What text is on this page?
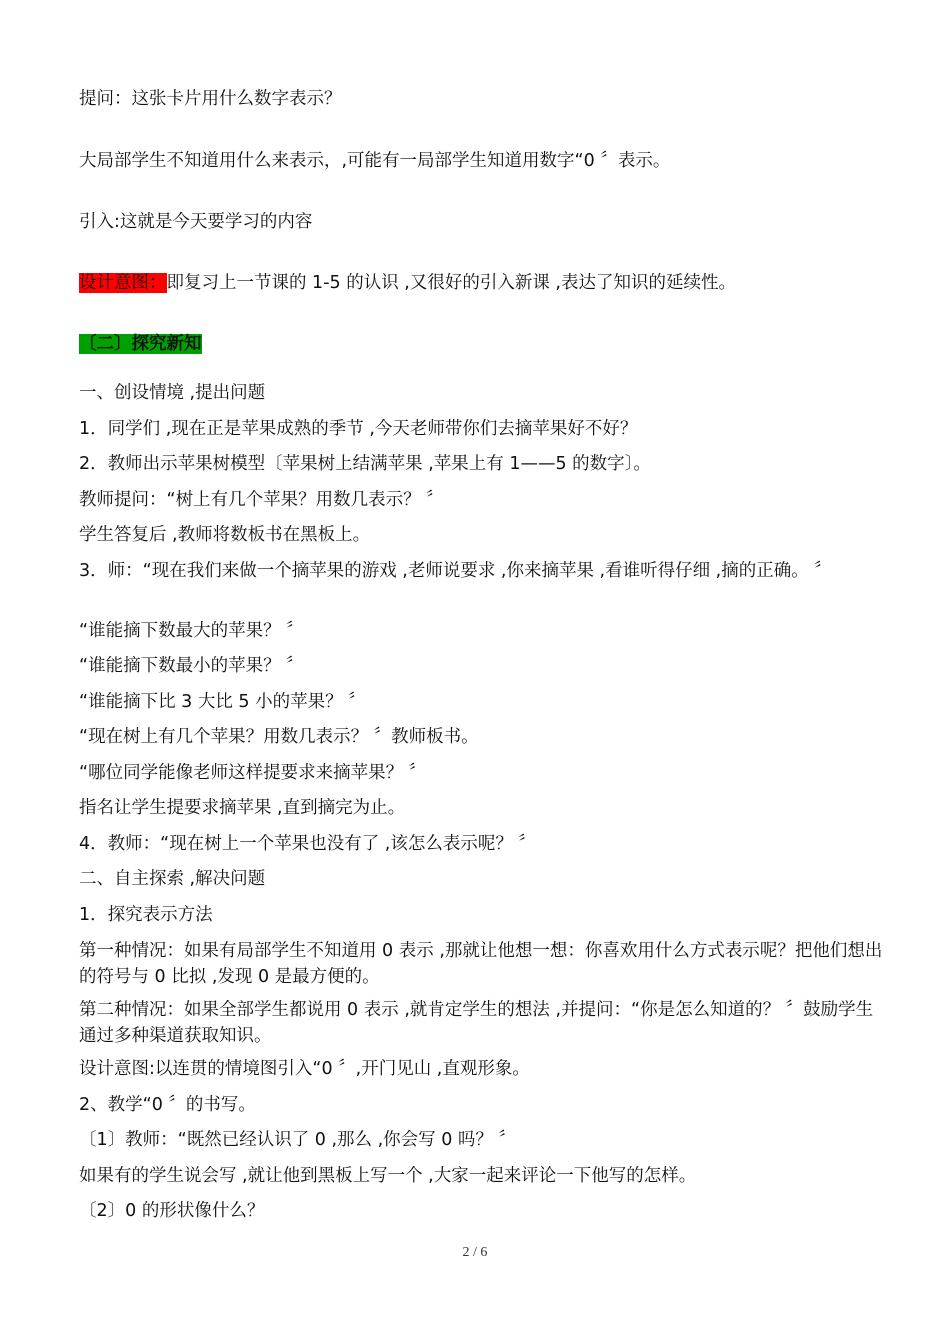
提问：这张卡片用什么数字表示？
大局部学生不知道用什么来表示，,可能有一局部学生知道用数字“0 〞表示。
引入:这就是今天要学习的内容
设计意图：即复习上一节课的 1-5 的认识 ,又很好的引入新课 ,表达了知识的延续性。
〔二〕探究新知
一、创设情境 ,提出问题
1．同学们 ,现在正是苹果成熟的季节 ,今天老师带你们去摘苹果好不好？
2．教师出示苹果树模型〔苹果树上结满苹果 ,苹果上有 1——5 的数字〕。
教师提问：“树上有几个苹果？用数几表示？ 〞
学生答复后 ,教师将数板书在黑板上。
3．师：“现在我们来做一个摘苹果的游戏 ,老师说要求 ,你来摘苹果 ,看谁听得仔细 ,摘的正确。 〞
“谁能摘下数最大的苹果？ 〞
“谁能摘下数最小的苹果？ 〞
“谁能摘下比 3 大比 5 小的苹果？ 〞
“现在树上有几个苹果？用数几表示？ 〞教师板书。
“哪位同学能像老师这样提要求来摘苹果？ 〞
指名让学生提要求摘苹果 ,直到摘完为止。
4．教师：“现在树上一个苹果也没有了 ,该怎么表示呢？ 〞
二、自主探索 ,解决问题
1．探究表示方法
第一种情况：如果有局部学生不知道用 0 表示 ,那就让他想一想：你喜欢用什么方式表示呢？把他们想出的符号与 0 比拟 ,发现 0 是最方便的。
第二种情况：如果全部学生都说用 0 表示 ,就肯定学生的想法 ,并提问：“你是怎么知道的？ 〞鼓励学生通过多种渠道获取知识。
设计意图:以连贯的情境图引入“0 〞,开门见山 ,直观形象。
2、教学“0 〞的书写。
〔1〕教师：“既然已经认识了 0 ,那么 ,你会写 0 吗？ 〞
如果有的学生说会写 ,就让他到黑板上写一个 ,大家一起来评论一下他写的怎样。
〔2〕0 的形状像什么？
2 / 6
